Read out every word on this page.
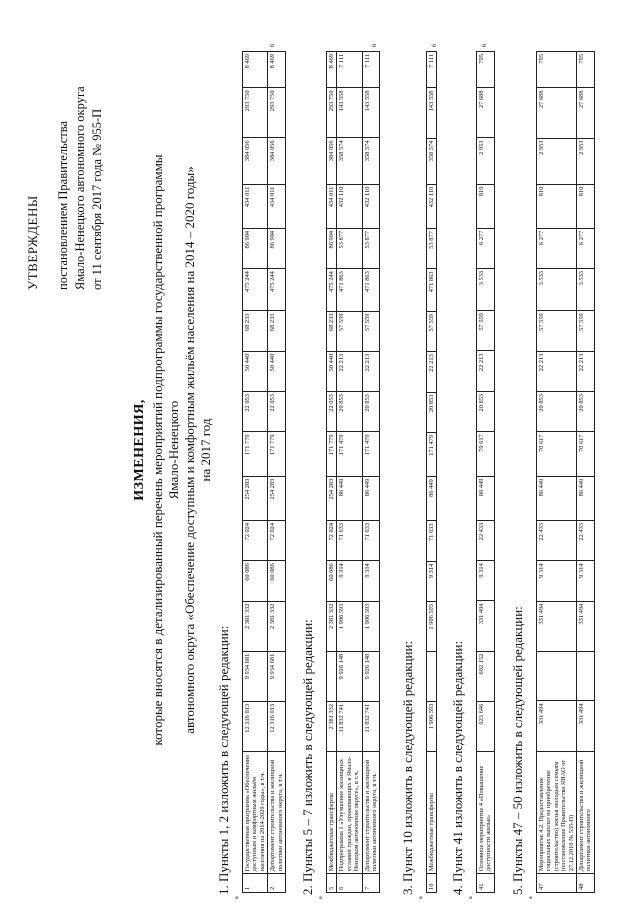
УТВЕРЖДЕНЫ постановлением Правительства Ямало-Ненецкого автономного округа от 11 сентября 2017 года № 955-П
ИЗМЕНЕНИЯ, которые вносятся в детализированный перечень мероприятий подпрограммы государственной программы Ямало-Ненецкого автономного округа «Обеспечение доступным и комфортным жильём населения на 2014 – 2020 годы» на 2017 год
1. Пункты 1, 2 изложить в следующей редакции:
а
1	Государственная программа «Обеспечение доступным и комфортным жильём населения на 2014-2020 годы», в т.ч.	12 316 013	9 934 681	2 381 332	60 086	72 024	254 283	171 779	22 053	50 440	68 233	475 244	86 904	434 011	384 056	293 750	8 469
2	Департамент строительства и жилищной политики автономного округа, в т.ч.	12 316 013	9 934 681	2 381 332	60 086	72 024	254 283	171 779	22 053	50 440	68 233	475 244	86 904	434 011	384 056	293 750	8 469
б
2. Пункты 5 – 7 изложить в следующей редакции:
а
5	Межбюджетные трансферты	2 381 332		2 381 332	60 086	72 024	254 283	171 779	22 053	50 440	68 233	475 244	86 904	434 011	384 056	293 750	8 469
6	Подпрограмма 1 «Улучшение жилищных условий граждан, проживающих в Ямало-Ненецком автономном округе», в т.ч.	11 832 741	9 926 148	1 906 593	9 314	71 633	86 449	171 479	20 853	22 213	57 559	471 863	53 877	432 110	358 574	143 558	7 111
7	Департамент строительства и жилищной политики автономного округа, в т.ч.	11 832 741	9 926 148	1 906 593	9 314	71 633	86 449	171 479	20 853	22 213	57 559	471 863	53 877	432 110	358 574	143 558	7 111
б
3. Пункт 10 изложить в следующей редакции:
а
10	Межбюджетные трансферты	1 906 593		1 906 593	9 314	71 633	86 449	171 479	20 853	22 213	57 559	471 863	53 877	432 110	358 574	143 558	7 111
б
4. Пункт 41 изложить в следующей редакции:
а
41	Основное мероприятие 4 «Повышение доступности жилья»	923 646	602 152	331 494	9 314	22 433	86 449	70 617	20 853	22 213	57 559	3 533	6 277	810	2 953	27 688	795
б
5. Пункты 47 – 50 изложить в следующей редакции:
а
47	Мероприятие 4.2. Предоставление социальных выплат на приобретение (строительство) жилья молодым семьям (постановление Правительства ЯНАО от 27.12.2010 № 535-П)	331 494		331 494	9 314	22 433	86 449	70 617	20 853	22 213	57 559	3 533	6 277	810	2 953	27 688	795
48	Департамент строительства и жилищной политики автономного	331 494		331 494	9 314	22 433	86 449	70 617	20 853	22 213	57 559	3 533	6 277	810	2 953	27 688	795
